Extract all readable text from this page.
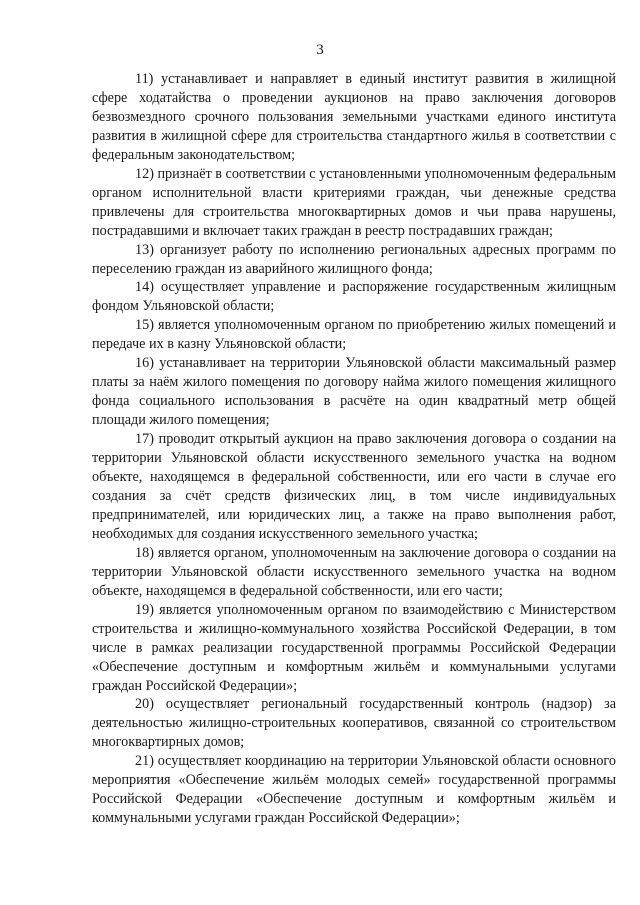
3

11) устанавливает и направляет в единый институт развития в жилищной сфере ходатайства о проведении аукционов на право заключения договоров безвозмездного срочного пользования земельными участками единого института развития в жилищной сфере для строительства стандартного жилья в соответствии с федеральным законодательством;

12) признаёт в соответствии с установленными уполномоченным федеральным органом исполнительной власти критериями граждан, чьи денежные средства привлечены для строительства многоквартирных домов и чьи права нарушены, пострадавшими и включает таких граждан в реестр пострадавших граждан;

13) организует работу по исполнению региональных адресных программ по переселению граждан из аварийного жилищного фонда;

14) осуществляет управление и распоряжение государственным жилищным фондом Ульяновской области;

15) является уполномоченным органом по приобретению жилых помещений и передаче их в казну Ульяновской области;

16) устанавливает на территории Ульяновской области максимальный размер платы за наём жилого помещения по договору найма жилого помещения жилищного фонда социального использования в расчёте на один квадратный метр общей площади жилого помещения;

17) проводит открытый аукцион на право заключения договора о создании на территории Ульяновской области искусственного земельного участка на водном объекте, находящемся в федеральной собственности, или его части в случае его создания за счёт средств физических лиц, в том числе индивидуальных предпринимателей, или юридических лиц, а также на право выполнения работ, необходимых для создания искусственного земельного участка;

18) является органом, уполномоченным на заключение договора о создании на территории Ульяновской области искусственного земельного участка на водном объекте, находящемся в федеральной собственности, или его части;

19) является уполномоченным органом по взаимодействию с Министерством строительства и жилищно-коммунального хозяйства Российской Федерации, в том числе в рамках реализации государственной программы Российской Федерации «Обеспечение доступным и комфортным жильём и коммунальными услугами граждан Российской Федерации»;

20) осуществляет региональный государственный контроль (надзор) за деятельностью жилищно-строительных кооперативов, связанной со строительством многоквартирных домов;

21) осуществляет координацию на территории Ульяновской области основного мероприятия «Обеспечение жильём молодых семей» государственной программы Российской Федерации «Обеспечение доступным и комфортным жильём и коммунальными услугами граждан Российской Федерации»;
